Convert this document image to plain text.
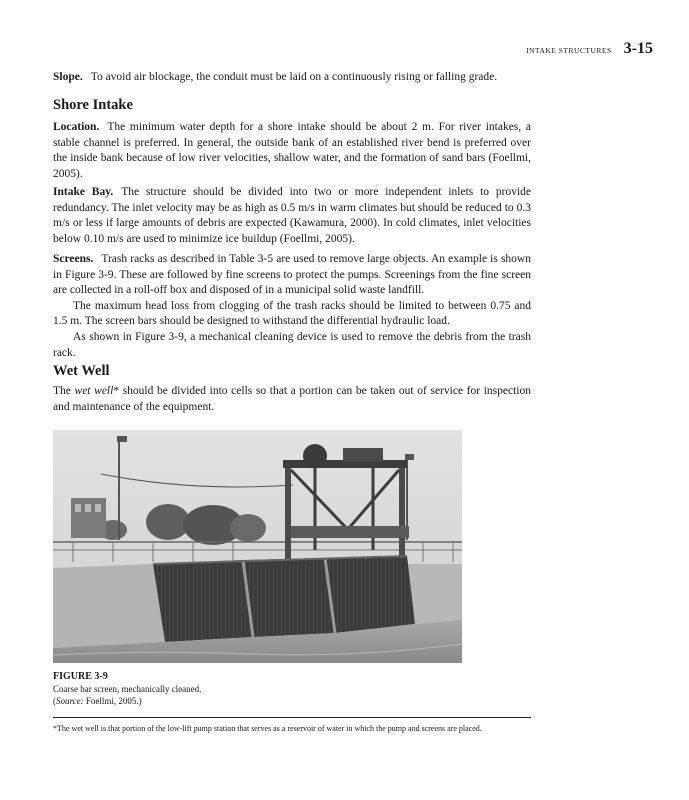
INTAKE STRUCTURES 3-15

Slope. To avoid air blockage, the conduit must be laid on a continuously rising or falling grade.

Shore Intake

Location. The minimum water depth for a shore intake should be about 2 m. For river intakes, a stable channel is preferred. In general, the outside bank of an established river bend is preferred over the inside bank because of low river velocities, shallow water, and the formation of sand bars (Foellmi, 2005).

Intake Bay. The structure should be divided into two or more independent inlets to provide redundancy. The inlet velocity may be as high as 0.5 m/s in warm climates but should be reduced to 0.3 m/s or less if large amounts of debris are expected (Kawamura, 2000). In cold climates, inlet velocities below 0.10 m/s are used to minimize ice buildup (Foellmi, 2005).

Screens. Trash racks as described in Table 3-5 are used to remove large objects. An example is shown in Figure 3-9. These are followed by fine screens to protect the pumps. Screenings from the fine screen are collected in a roll-off box and disposed of in a municipal solid waste landfill.

The maximum head loss from clogging of the trash racks should be limited to between 0.75 and 1.5 m. The screen bars should be designed to withstand the differential hydraulic load.

As shown in Figure 3-9, a mechanical cleaning device is used to remove the debris from the trash rack.

Wet Well

The wet well* should be divided into cells so that a portion can be taken out of service for inspection and maintenance of the equipment.

FIGURE 3-9
Coarse bar screen, mechanically cleaned.
(Source: Foellmi, 2005.)
*The wet well is that portion of the low-lift pump station that serves as a reservoir of water in which the pump and screens are placed.
